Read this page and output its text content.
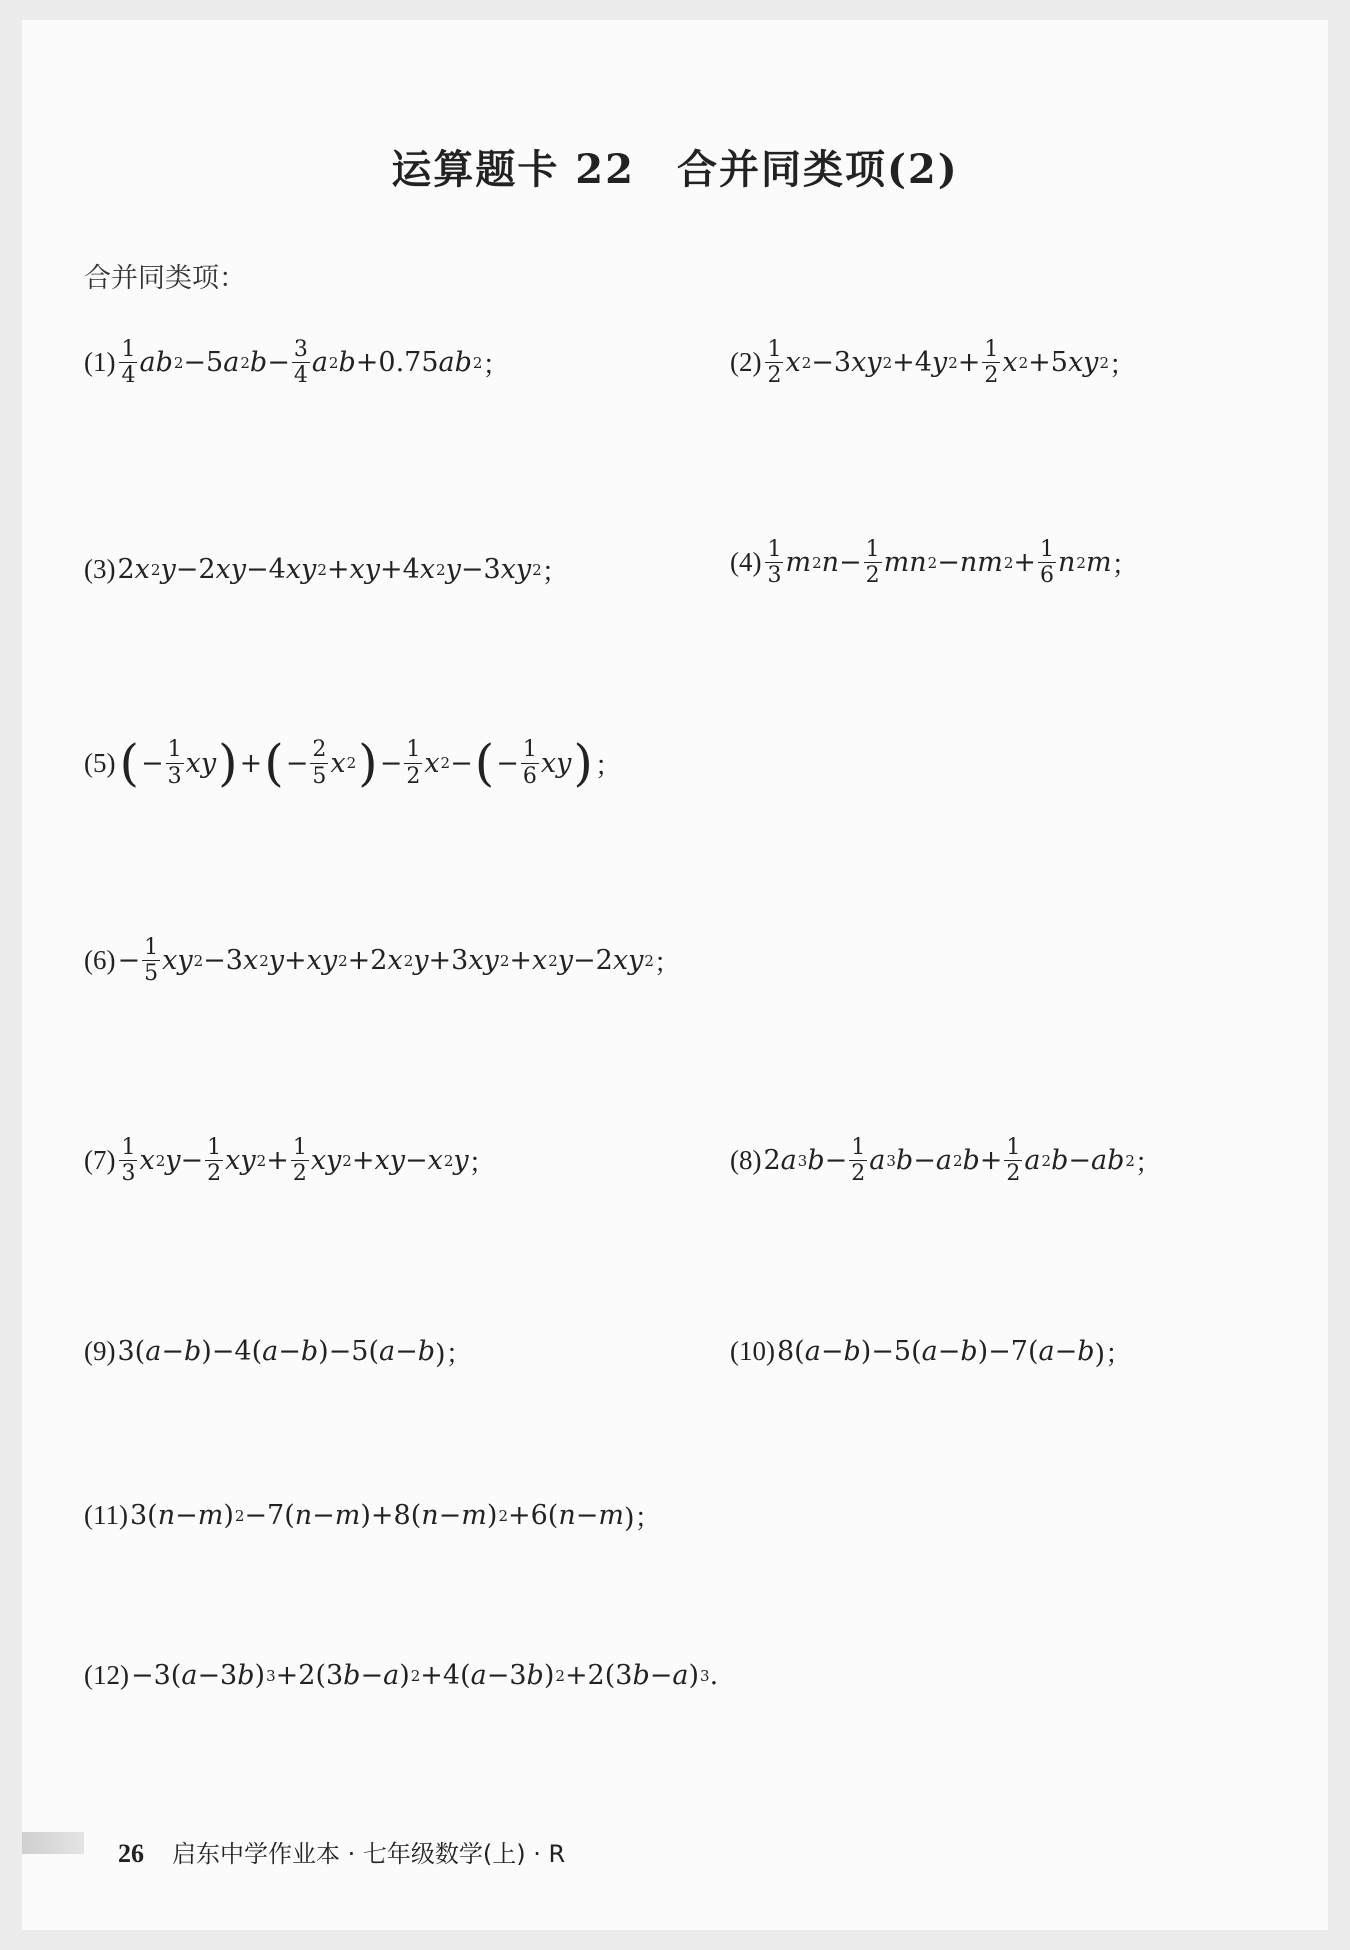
运算题卡 22　合并同类项(2)
合并同类项：
$(1) \frac{1}{4}$ ab 2 −5 a 2 $b - \frac{3}{4}$ a 2 b +0.75 ab 2 ；	$(2) \frac{1}{2}$ x 2 −3 xy 2 +4 y $2 + \frac{1}{2}$ x 2 +5 xy 2 ；
(3) 2 x 2 y −2 xy −4 xy 2 + xy +4 x 2 y −3 xy 2 ；	$(4) \frac{1}{3}$ m 2 $n - \frac{1}{2}$ mn 2 − nm $2 + \frac{1}{6}$ n 2 m ；
(5) ( − $\frac{1}{3}$ xy ) + ( − $\frac{2}{5}$ x 2 ) − $\frac{1}{2}$ x 2 − ( − $\frac{1}{6}$ xy ) ；
$(6) - \frac{1}{5}$ xy 2 −3 x 2 y + xy 2 +2 x 2 y +3 xy 2 + x 2 y −2 xy 2 ；
$(7) \frac{1}{3}$ x 2 $y - \frac{1}{2}$ xy $2 + \frac{1}{2}$ xy 2 + xy − x 2 y ；	(8) 2 a 3 $b - \frac{1}{2}$ a 3 b − a 2 $b + \frac{1}{2}$ a 2 b − ab 2 ；
(9) 3( a − b )−4( a − b )−5( a − b )；	(10) 8( a − b )−5( a − b )−7( a − b )；
(11) 3( n − m ) 2 −7( n − m )+8( n − m ) 2 +6( n − m )；
(12) −3( a −3 b ) 3 +2(3 b − a ) 2 +4( a −3 b ) 2 +2(3 b − a ) 3 .
26 启东中学作业本 · 七年级数学(上) · R
